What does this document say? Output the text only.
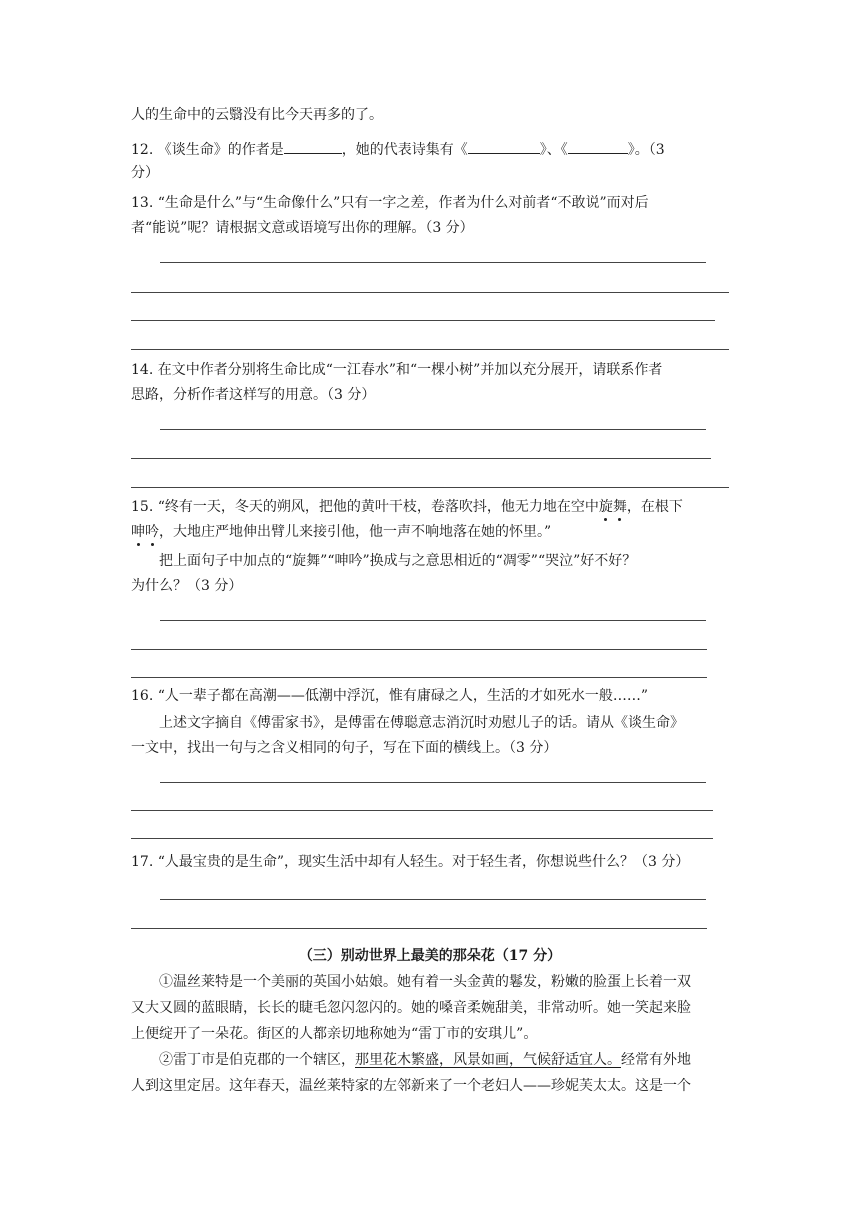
人的生命中的云翳没有比今天再多的了。
12. 《谈生命》的作者是	，她的代表诗集有《	》、《	》。（3
分）
13. “生命是什么”与“生命像什么”只有一字之差，作者为什么对前者“不敢说”而对后
者“能说”呢？请根据文意或语境写出你的理解。（3 分）
14. 在文中作者分别将生命比成“一江春水”和“一棵小树”并加以充分展开，请联系作者
思路，分析作者这样写的用意。（3 分）
15. “终有一天，冬天的朔风，把他的黄叶干枝，卷落吹抖，他无力地在空中旋舞，在根下
呻吟，大地庄严地伸出臂儿来接引他，他一声不响地落在她的怀里。”
把上面句子中加点的“旋舞”“呻吟”换成与之意思相近的“凋零”“哭泣”好不好？
为什么？（3 分）
16. “人一辈子都在高潮——低潮中浮沉，惟有庸碌之人，生活的才如死水一般……”
上述文字摘自《傅雷家书》，是傅雷在傅聪意志消沉时劝慰儿子的话。请从《谈生命》
一文中，找出一句与之含义相同的句子，写在下面的横线上。（3 分）
17. “人最宝贵的是生命”，现实生活中却有人轻生。对于轻生者，你想说些什么？（3 分）
（三）别动世界上最美的那朵花（17 分）
①温丝莱特是一个美丽的英国小姑娘。她有着一头金黄的鬈发，粉嫩的脸蛋上长着一双
又大又圆的蓝眼睛，长长的睫毛忽闪忽闪的。她的嗓音柔婉甜美，非常动听。她一笑起来脸
上便绽开了一朵花。街区的人都亲切地称她为“雷丁市的安琪儿”。
②雷丁市是伯克郡的一个辖区，那里花木繁盛，风景如画，气候舒适宜人。经常有外地
人到这里定居。这年春天，温丝莱特家的左邻新来了一个老妇人——珍妮芙太太。这是一个
